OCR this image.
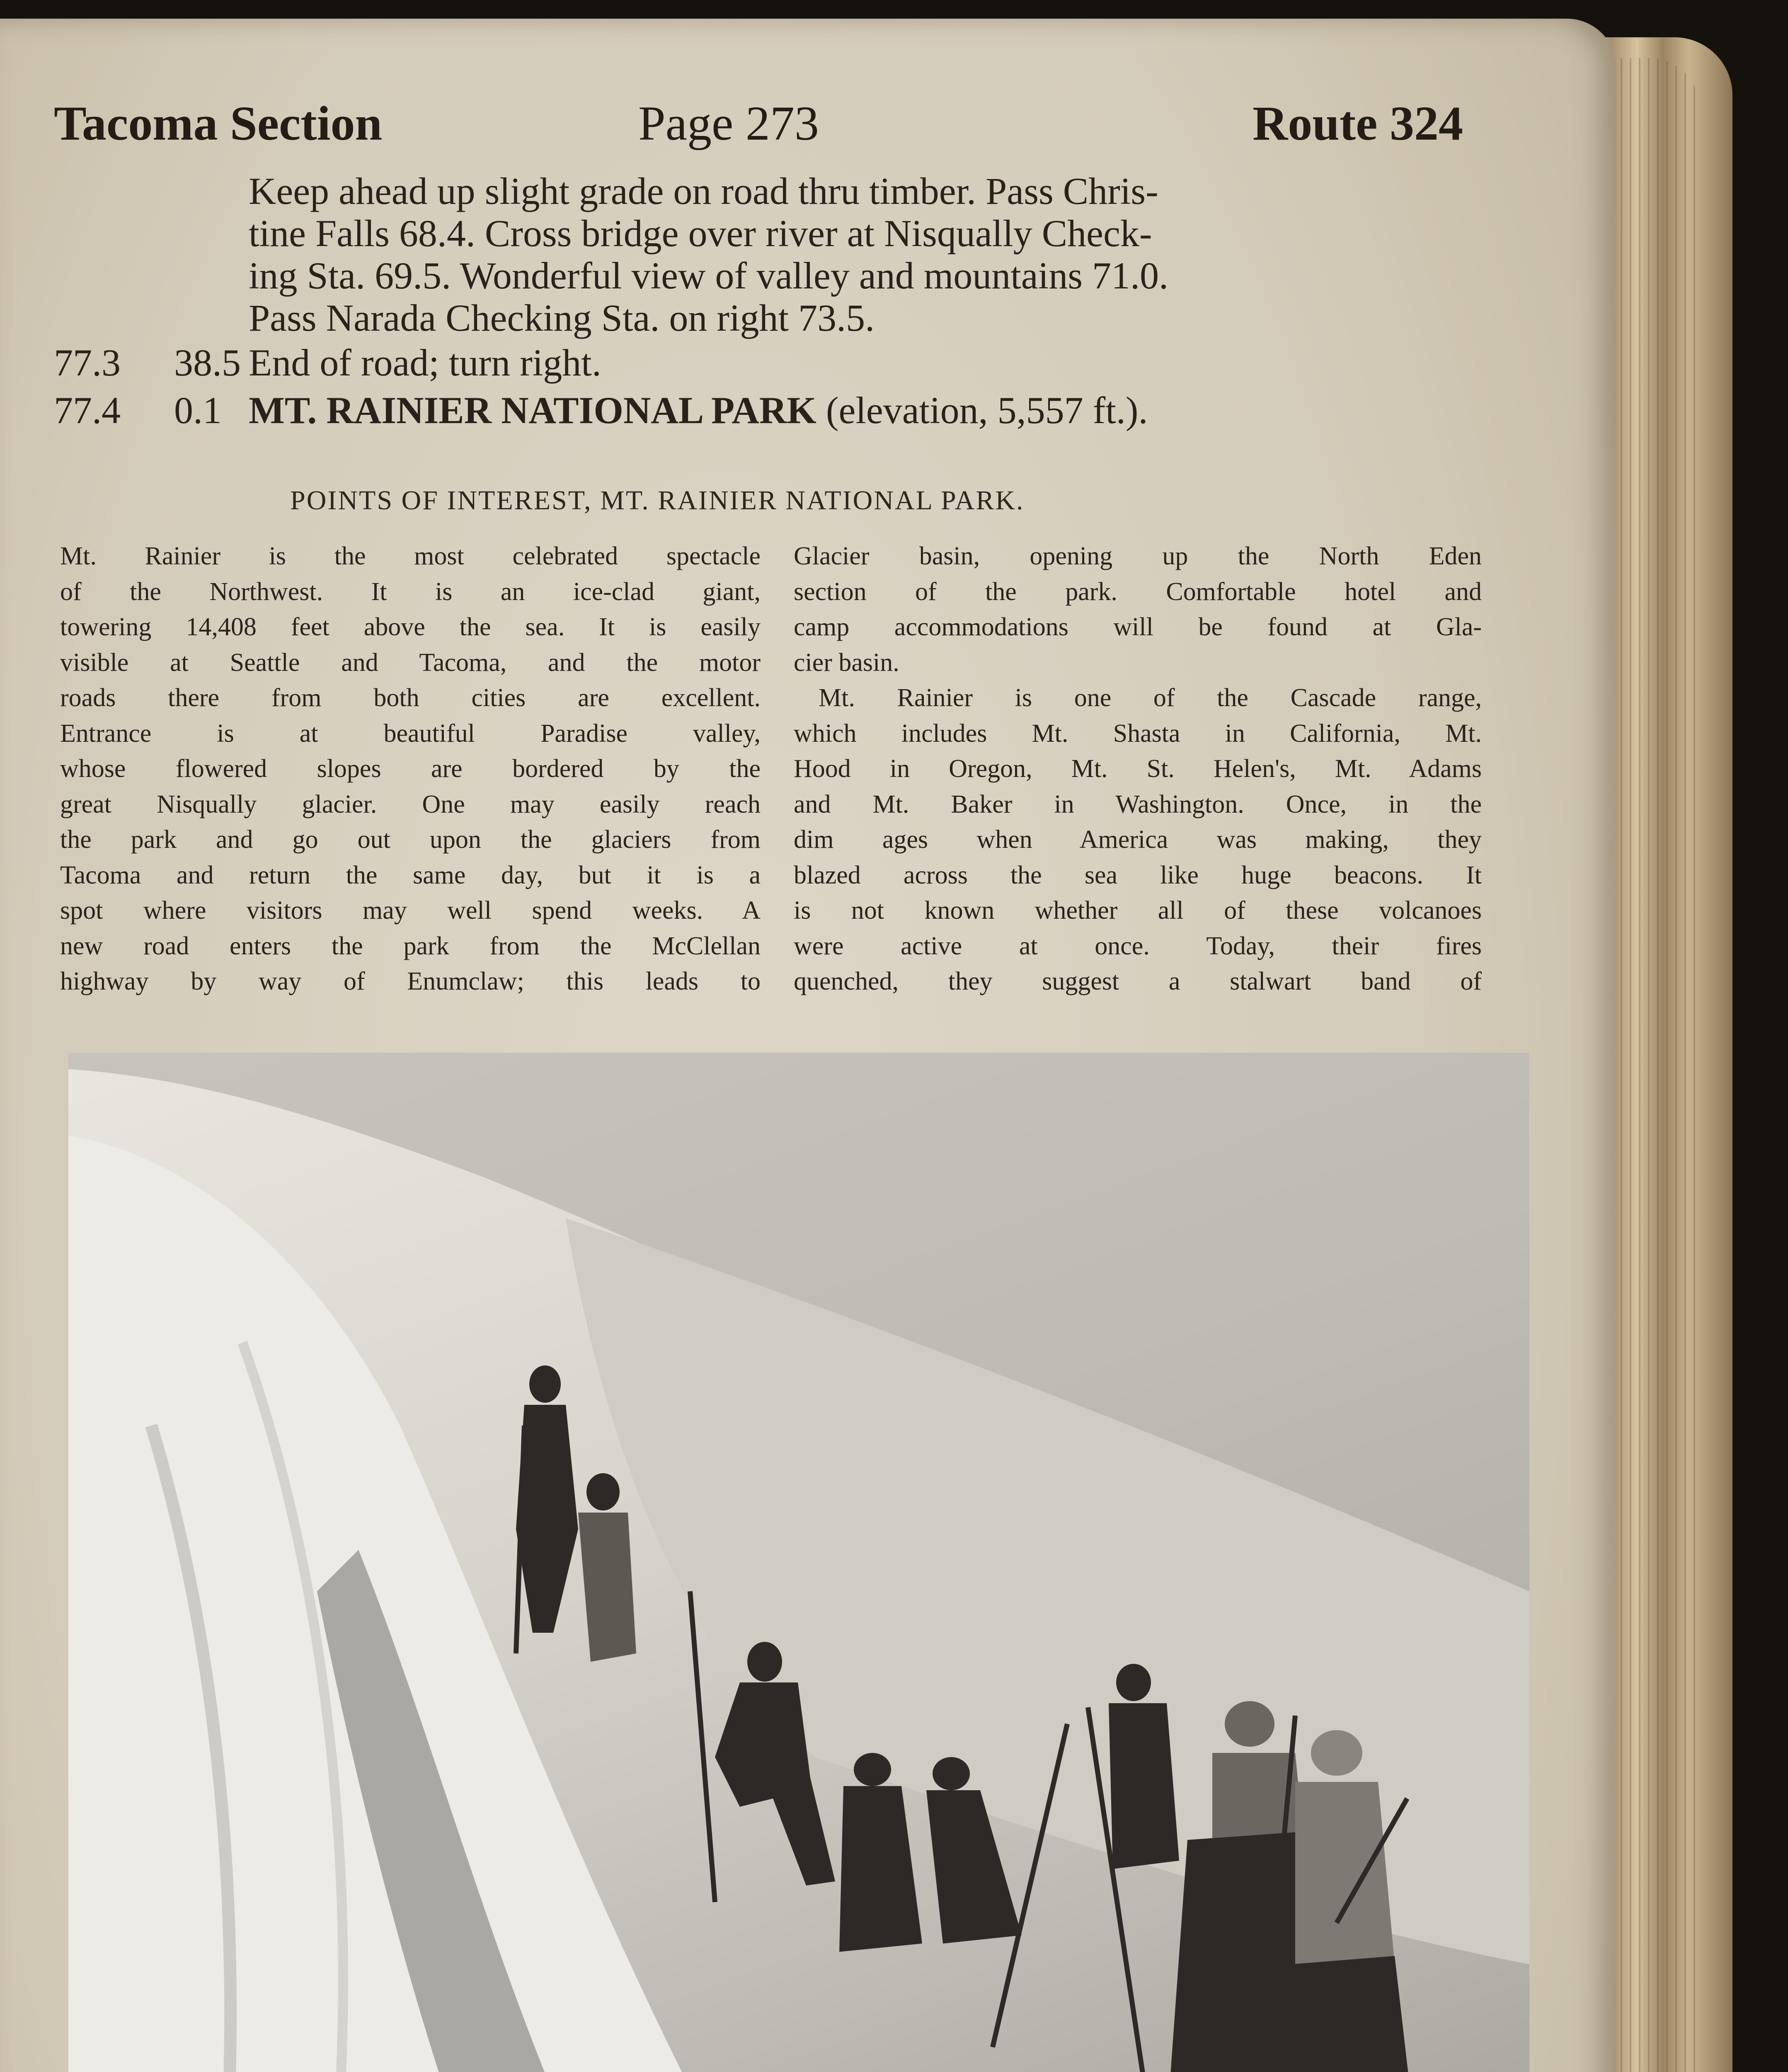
Tacoma Section	Page 273	Route 324
Keep ahead up slight grade on road thru timber. Pass Chris-
tine Falls 68.4. Cross bridge over river at Nisqually Check-
ing Sta. 69.5. Wonderful view of valley and mountains 71.0.
Pass Narada Checking Sta. on right 73.5.
77.3 38.5 End of road; turn right.
77.4 0.1 MT. RAINIER NATIONAL PARK (elevation, 5,557 ft.).
POINTS OF INTEREST, MT. RAINIER NATIONAL PARK.
Mt. Rainier is the most celebrated spectacle
of the Northwest. It is an ice-clad giant,
towering 14,408 feet above the sea. It is easily
visible at Seattle and Tacoma, and the motor
roads there from both cities are excellent.
Entrance is at beautiful Paradise valley,
whose flowered slopes are bordered by the
great Nisqually glacier. One may easily reach
the park and go out upon the glaciers from
Tacoma and return the same day, but it is a
spot where visitors may well spend weeks. A
new road enters the park from the McClellan
highway by way of Enumclaw; this leads to
Glacier basin, opening up the North Eden
section of the park. Comfortable hotel and
camp accommodations will be found at Gla-
cier basin.
Mt. Rainier is one of the Cascade range,
which includes Mt. Shasta in California, Mt.
Hood in Oregon, Mt. St. Helen's, Mt. Adams
and Mt. Baker in Washington. Once, in the
dim ages when America was making, they
blazed across the sea like huge beacons. It
is not known whether all of these volcanoes
were active at once. Today, their fires
quenched, they suggest a stalwart band of
